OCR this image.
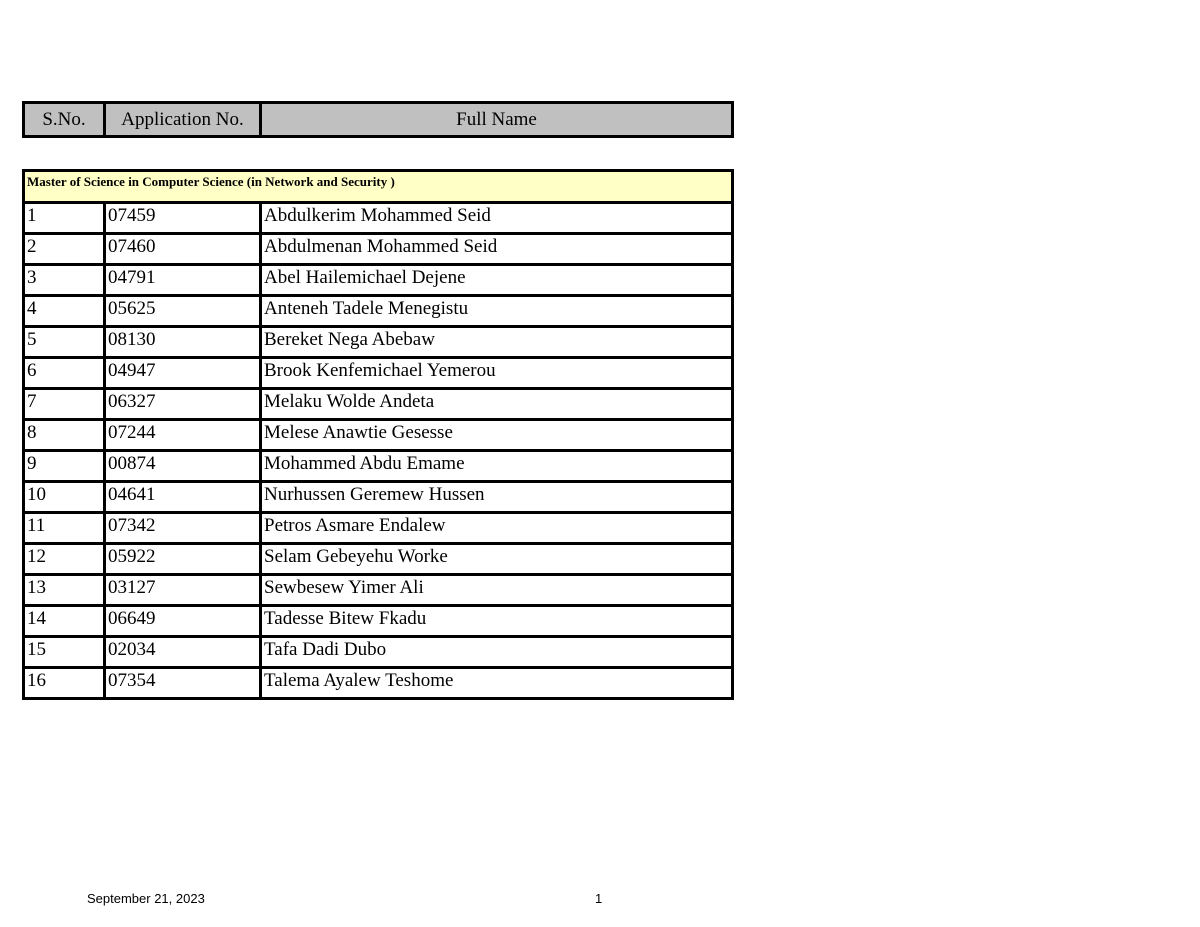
S.No.	Application No.	Full Name
Master of Science in Computer Science (in Network and Security )		
1	07459	Abdulkerim Mohammed Seid
2	07460	Abdulmenan Mohammed Seid
3	04791	Abel Hailemichael Dejene
4	05625	Anteneh Tadele Menegistu
5	08130	Bereket Nega Abebaw
6	04947	Brook Kenfemichael Yemerou
7	06327	Melaku Wolde Andeta
8	07244	Melese Anawtie Gesesse
9	00874	Mohammed Abdu Emame
10	04641	Nurhussen Geremew Hussen
11	07342	Petros Asmare Endalew
12	05922	Selam Gebeyehu Worke
13	03127	Sewbesew Yimer Ali
14	06649	Tadesse Bitew Fkadu
15	02034	Tafa Dadi Dubo
16	07354	Talema Ayalew Teshome
September 21, 2023	1
